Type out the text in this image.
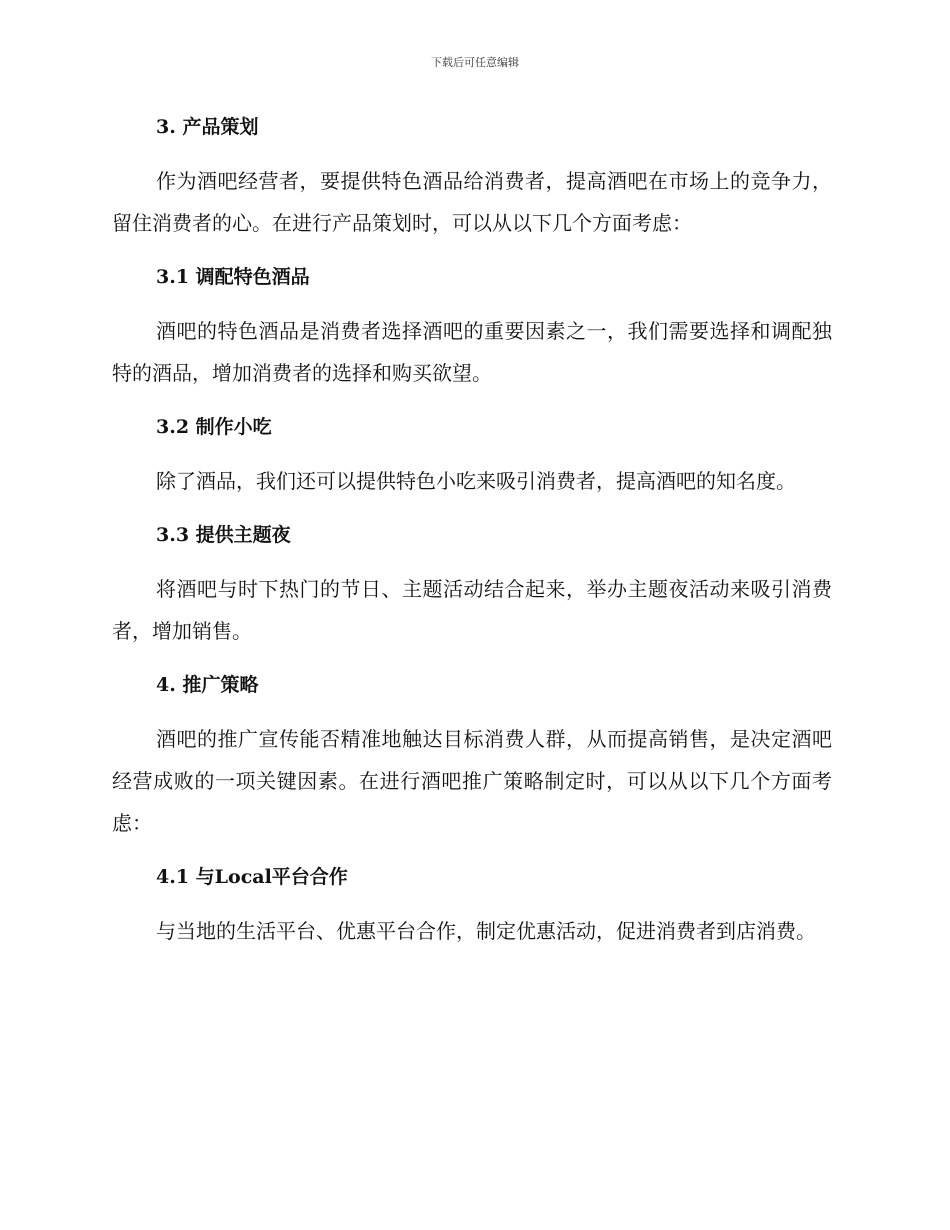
下载后可任意编辑
3. 产品策划

作为酒吧经营者，要提供特色酒品给消费者，提高酒吧在市场上的竞争力，留住消费者的心。在进行产品策划时，可以从以下几个方面考虑：

3.1 调配特色酒品

酒吧的特色酒品是消费者选择酒吧的重要因素之一，我们需要选择和调配独特的酒品，增加消费者的选择和购买欲望。

3.2 制作小吃

除了酒品，我们还可以提供特色小吃来吸引消费者，提高酒吧的知名度。

3.3 提供主题夜

将酒吧与时下热门的节日、主题活动结合起来，举办主题夜活动来吸引消费者，增加销售。

4. 推广策略

酒吧的推广宣传能否精准地触达目标消费人群，从而提高销售，是决定酒吧经营成败的一项关键因素。在进行酒吧推广策略制定时，可以从以下几个方面考虑：

4.1 与Local平台合作

与当地的生活平台、优惠平台合作，制定优惠活动，促进消费者到店消费。
